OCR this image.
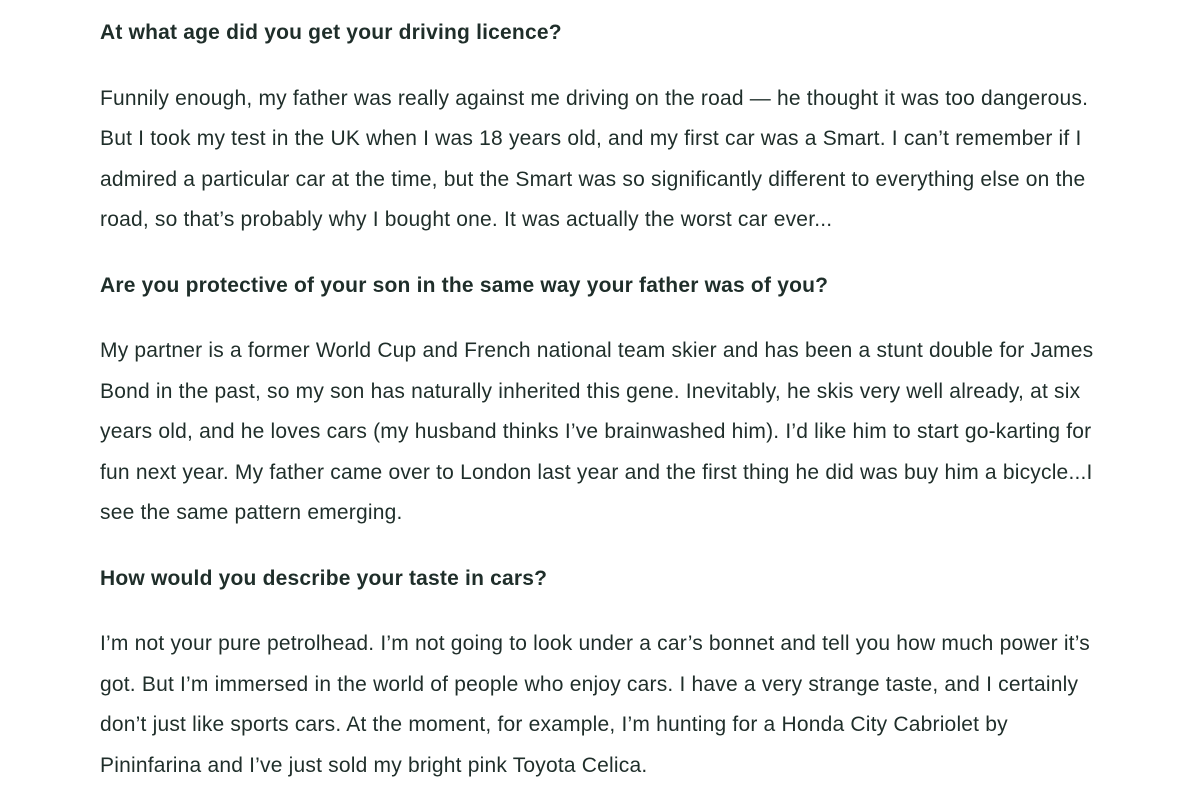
At what age did you get your driving licence?

Funnily enough, my father was really against me driving on the road — he thought it was too dangerous. But I took my test in the UK when I was 18 years old, and my first car was a Smart. I can’t remember if I admired a particular car at the time, but the Smart was so significantly different to everything else on the road, so that’s probably why I bought one. It was actually the worst car ever...

Are you protective of your son in the same way your father was of you?

My partner is a former World Cup and French national team skier and has been a stunt double for James Bond in the past, so my son has naturally inherited this gene. Inevitably, he skis very well already, at six years old, and he loves cars (my husband thinks I’ve brainwashed him). I’d like him to start go-karting for fun next year. My father came over to London last year and the first thing he did was buy him a bicycle...I see the same pattern emerging.

How would you describe your taste in cars?

I’m not your pure petrolhead. I’m not going to look under a car’s bonnet and tell you how much power it’s got. But I’m immersed in the world of people who enjoy cars. I have a very strange taste, and I certainly don’t just like sports cars. At the moment, for example, I’m hunting for a Honda City Cabriolet by Pininfarina and I’ve just sold my bright pink Toyota Celica.
